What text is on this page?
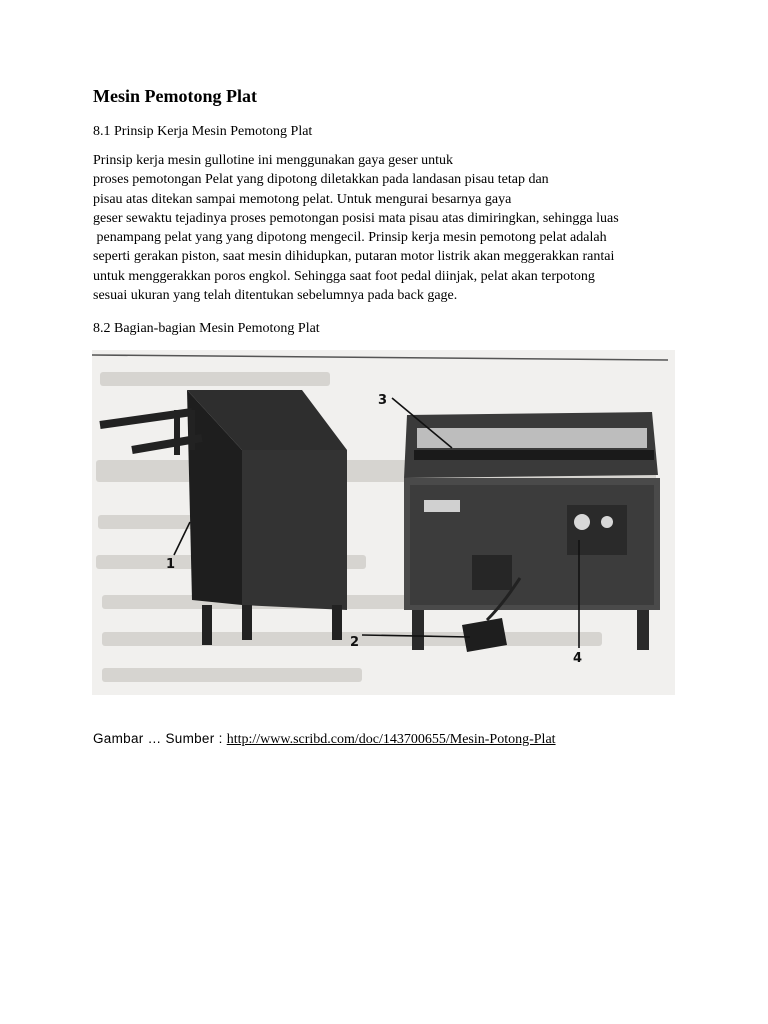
Mesin Pemotong Plat

8.1 Prinsip Kerja Mesin Pemotong Plat

Prinsip kerja mesin gullotine ini menggunakan gaya geser untuk
proses pemotongan Pelat yang dipotong diletakkan pada landasan pisau tetap dan
pisau atas ditekan sampai memotong pelat. Untuk mengurai besarnya gaya
geser sewaktu tejadinya proses pemotongan posisi mata pisau atas dimiringkan, sehingga luas
penampang pelat yang yang dipotong mengecil. Prinsip kerja mesin pemotong pelat adalah
seperti gerakan piston, saat mesin dihidupkan, putaran motor listrik akan meggerakkan rantai
untuk menggerakkan poros engkol. Sehingga saat foot pedal diinjak, pelat akan terpotong
sesuai ukuran yang telah ditentukan sebelumnya pada back gage.

8.2 Bagian-bagian Mesin Pemotong Plat

1
2
3
4
Gambar … Sumber : http://www.scribd.com/doc/143700655/Mesin-Potong-Plat
